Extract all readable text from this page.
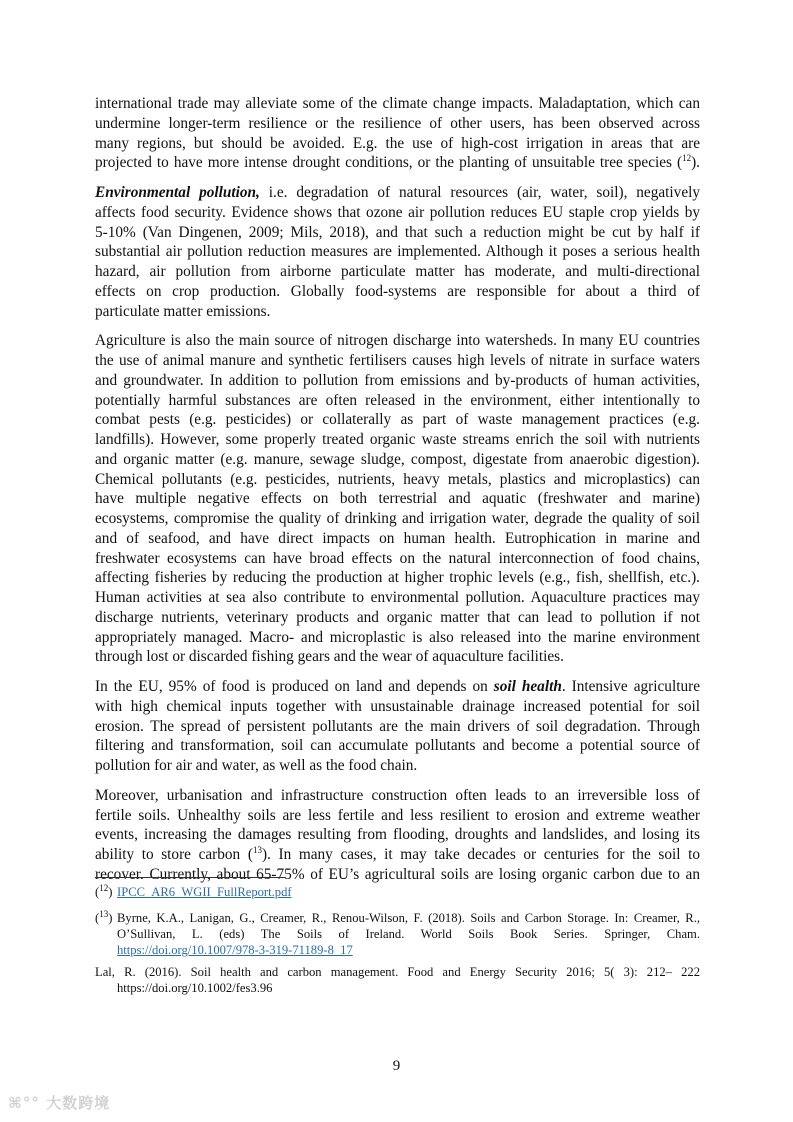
international trade may alleviate some of the climate change impacts. Maladaptation, which can
undermine longer-term resilience or the resilience of other users, has been observed across
many regions, but should be avoided. E.g. the use of high-cost irrigation in areas that are
projected to have more intense drought conditions, or the planting of unsuitable tree species ($^{12}$).
Environmental pollution, i.e. degradation of natural resources (air, water, soil), negatively
affects food security. Evidence shows that ozone air pollution reduces EU staple crop yields by
5-10% (Van Dingenen, 2009; Mils, 2018), and that such a reduction might be cut by half if
substantial air pollution reduction measures are implemented. Although it poses a serious health
hazard, air pollution from airborne particulate matter has moderate, and multi-directional
effects on crop production. Globally food-systems are responsible for about a third of
particulate matter emissions.
Agriculture is also the main source of nitrogen discharge into watersheds. In many EU countries
the use of animal manure and synthetic fertilisers causes high levels of nitrate in surface waters
and groundwater. In addition to pollution from emissions and by-products of human activities,
potentially harmful substances are often released in the environment, either intentionally to
combat pests (e.g. pesticides) or collaterally as part of waste management practices (e.g.
landfills). However, some properly treated organic waste streams enrich the soil with nutrients
and organic matter (e.g. manure, sewage sludge, compost, digestate from anaerobic digestion).
Chemical pollutants (e.g. pesticides, nutrients, heavy metals, plastics and microplastics) can
have multiple negative effects on both terrestrial and aquatic (freshwater and marine)
ecosystems, compromise the quality of drinking and irrigation water, degrade the quality of soil
and of seafood, and have direct impacts on human health. Eutrophication in marine and
freshwater ecosystems can have broad effects on the natural interconnection of food chains,
affecting fisheries by reducing the production at higher trophic levels (e.g., fish, shellfish, etc.).
Human activities at sea also contribute to environmental pollution. Aquaculture practices may
discharge nutrients, veterinary products and organic matter that can lead to pollution if not
appropriately managed. Macro- and microplastic is also released into the marine environment
through lost or discarded fishing gears and the wear of aquaculture facilities.
In the EU, 95% of food is produced on land and depends on soil health. Intensive agriculture
with high chemical inputs together with unsustainable drainage increased potential for soil
erosion. The spread of persistent pollutants are the main drivers of soil degradation. Through
filtering and transformation, soil can accumulate pollutants and become a potential source of
pollution for air and water, as well as the food chain.
Moreover, urbanisation and infrastructure construction often leads to an irreversible loss of
fertile soils. Unhealthy soils are less fertile and less resilient to erosion and extreme weather
events, increasing the damages resulting from flooding, droughts and landslides, and losing its
ability to store carbon ($^{13}$). In many cases, it may take decades or centuries for the soil to
recover. Currently, about 65-75% of EU’s agricultural soils are losing organic carbon due to an
($^{12}$) IPCC_AR6_WGII_FullReport.pdf
($^{13}$) Byrne, K.A., Lanigan, G., Creamer, R., Renou-Wilson, F. (2018). Soils and Carbon Storage. In: Creamer, R.,
O’Sullivan, L. (eds) The Soils of Ireland. World Soils Book Series. Springer, Cham.
https://doi.org/10.1007/978-3-319-71189-8_17
Lal, R. (2016). Soil health and carbon management. Food and Energy Security 2016; 5( 3): 212– 222
https://doi.org/10.1002/fes3.96
9
⌘°° 大数跨境
